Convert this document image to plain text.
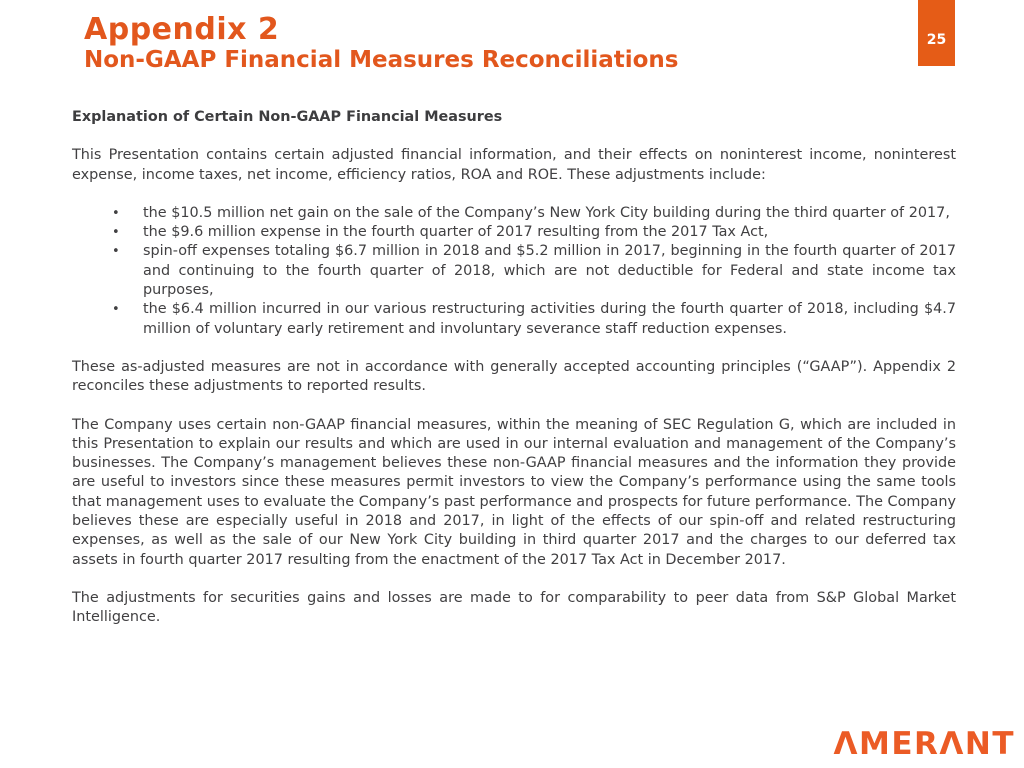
25
Appendix 2
Non-GAAP Financial Measures Reconciliations

Explanation of Certain Non-GAAP Financial Measures

This Presentation contains certain adjusted financial information, and their effects on noninterest income, noninterest expense, income taxes, net income, efficiency ratios, ROA and ROE. These adjustments include:

• the $10.5 million net gain on the sale of the Company’s New York City building during the third quarter of 2017,
• the $9.6 million expense in the fourth quarter of 2017 resulting from the 2017 Tax Act,
• spin-off expenses totaling $6.7 million in 2018 and $5.2 million in 2017, beginning in the fourth quarter of 2017 and continuing to the fourth quarter of 2018, which are not deductible for Federal and state income tax purposes,
• the $6.4 million incurred in our various restructuring activities during the fourth quarter of 2018, including $4.7 million of voluntary early retirement and involuntary severance staff reduction expenses.

These as-adjusted measures are not in accordance with generally accepted accounting principles (“GAAP”). Appendix 2 reconciles these adjustments to reported results.

The Company uses certain non-GAAP financial measures, within the meaning of SEC Regulation G, which are included in this Presentation to explain our results and which are used in our internal evaluation and management of the Company’s businesses. The Company’s management believes these non-GAAP financial measures and the information they provide are useful to investors since these measures permit investors to view the Company’s performance using the same tools that management uses to evaluate the Company’s past performance and prospects for future performance. The Company believes these are especially useful in 2018 and 2017, in light of the effects of our spin-off and related restructuring expenses, as well as the sale of our New York City building in third quarter 2017 and the charges to our deferred tax assets in fourth quarter 2017 resulting from the enactment of the 2017 Tax Act in December 2017.

The adjustments for securities gains and losses are made to for comparability to peer data from S&P Global Market Intelligence.

ΛMERΛNT
